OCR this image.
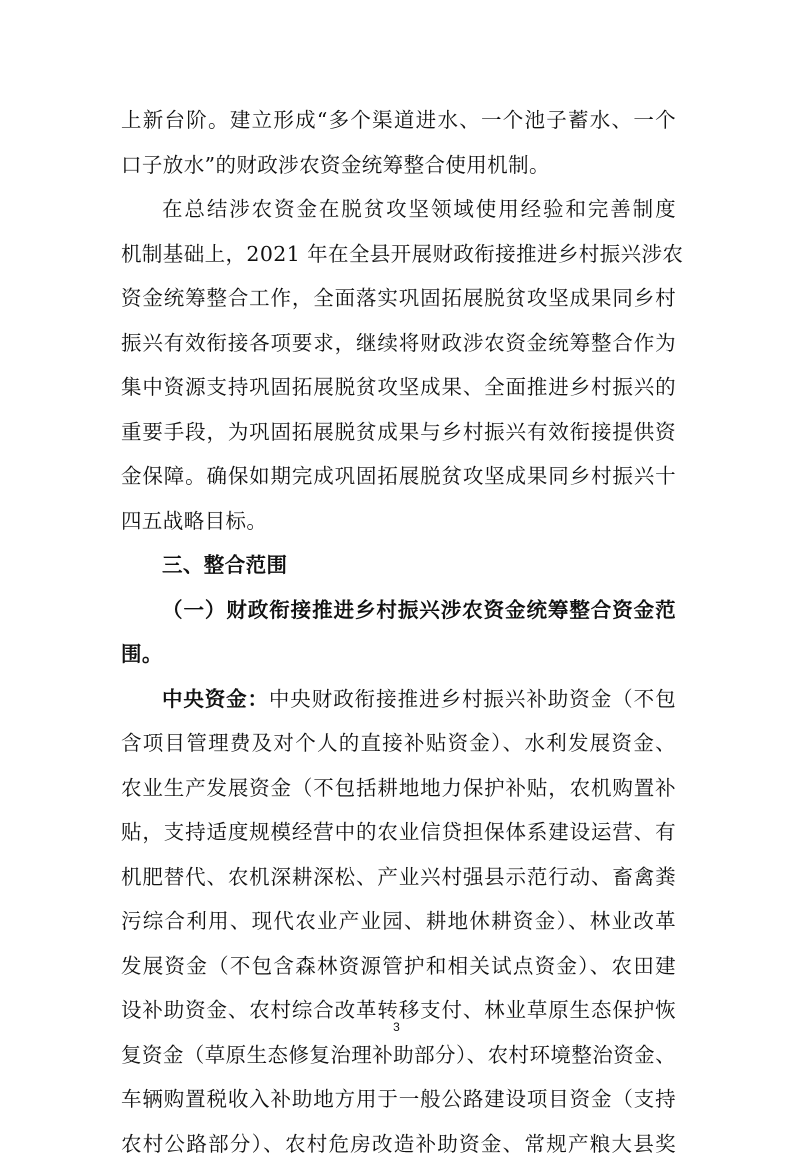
上新台阶。建立形成“多个渠道进水、一个池子蓄水、一个
口子放水”的财政涉农资金统筹整合使用机制。
在总结涉农资金在脱贫攻坚领域使用经验和完善制度
机制基础上，2021 年在全县开展财政衔接推进乡村振兴涉农
资金统筹整合工作，全面落实巩固拓展脱贫攻坚成果同乡村
振兴有效衔接各项要求，继续将财政涉农资金统筹整合作为
集中资源支持巩固拓展脱贫攻坚成果、全面推进乡村振兴的
重要手段，为巩固拓展脱贫成果与乡村振兴有效衔接提供资
金保障。确保如期完成巩固拓展脱贫攻坚成果同乡村振兴十
四五战略目标。
三、整合范围
（一）财政衔接推进乡村振兴涉农资金统筹整合资金范
围。
中央资金：中央财政衔接推进乡村振兴补助资金（不包
含项目管理费及对个人的直接补贴资金）、水利发展资金、
农业生产发展资金（不包括耕地地力保护补贴，农机购置补
贴，支持适度规模经营中的农业信贷担保体系建设运营、有
机肥替代、农机深耕深松、产业兴村强县示范行动、畜禽粪
污综合利用、现代农业产业园、耕地休耕资金）、林业改革
发展资金（不包含森林资源管护和相关试点资金）、农田建
设补助资金、农村综合改革转移支付、林业草原生态保护恢
复资金（草原生态修复治理补助部分）、农村环境整治资金、
车辆购置税收入补助地方用于一般公路建设项目资金（支持
农村公路部分）、农村危房改造补助资金、常规产粮大县奖
3
